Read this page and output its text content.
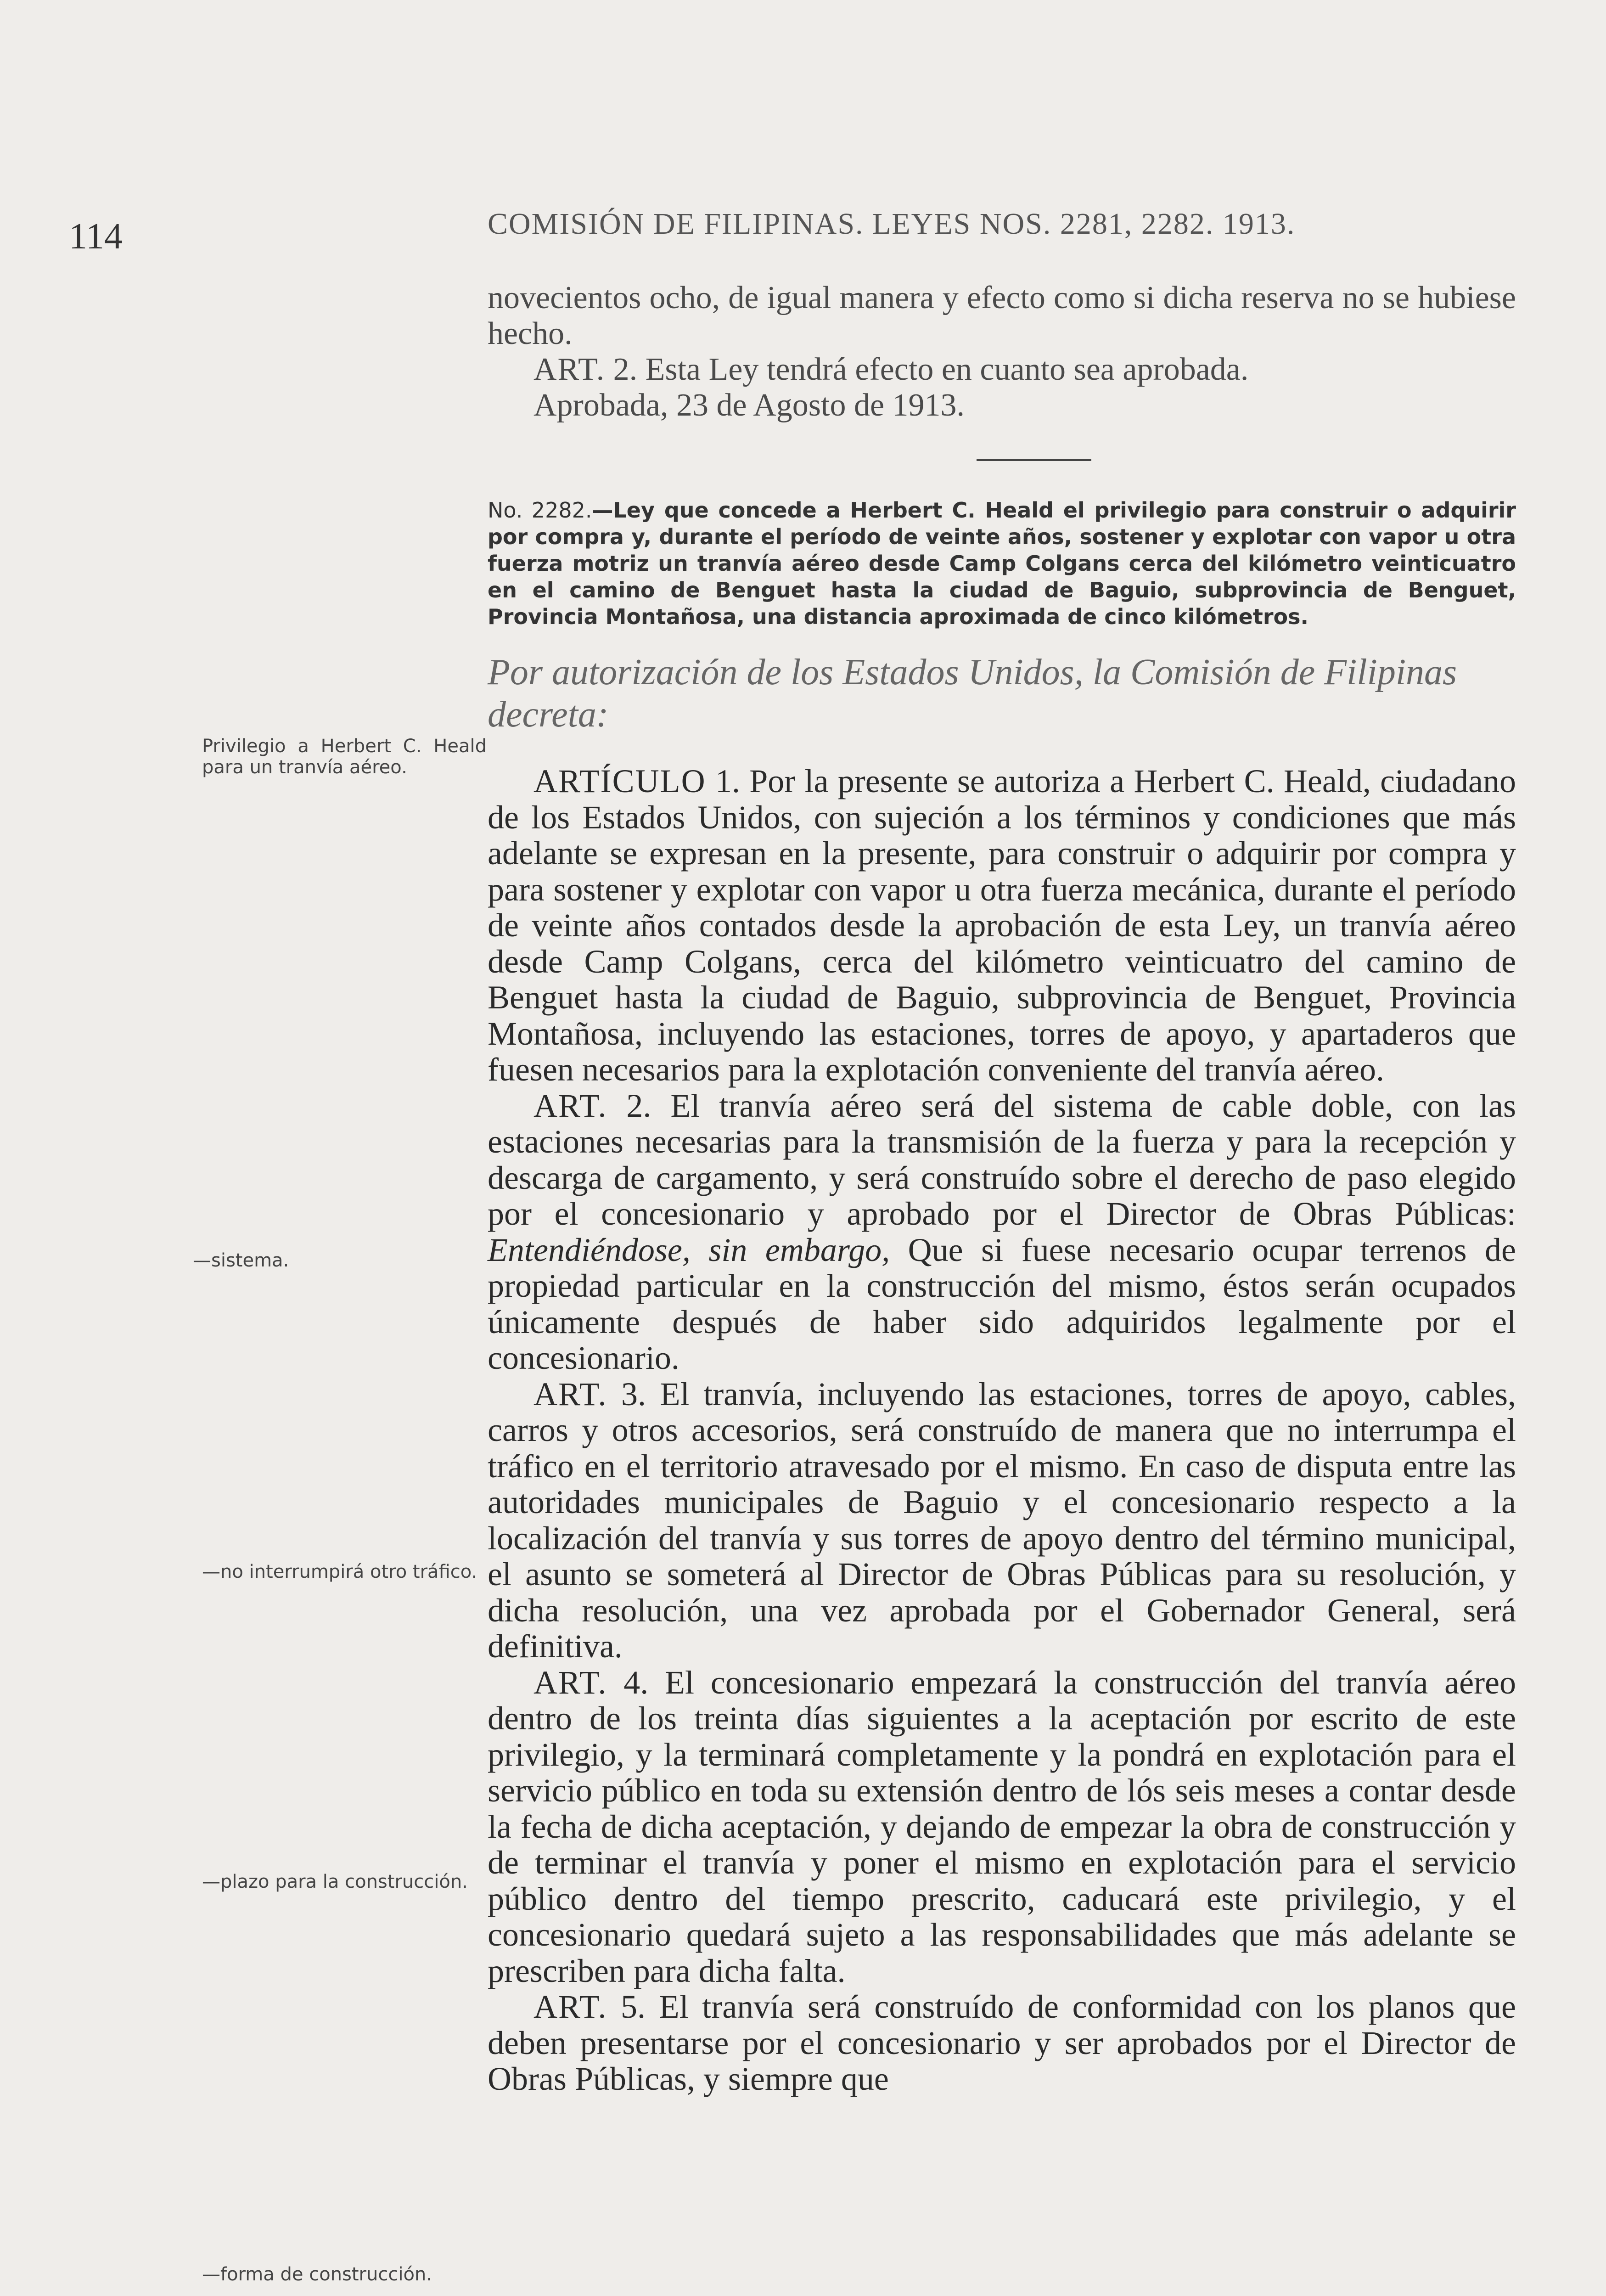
114	COMISIÓN DE FILIPINAS. LEYES NOS. 2281, 2282. 1913.
Privilegio a Herbert C. Heald para un tranvía aéreo.
—sistema.
—no interrumpirá otro tráfico.
—plazo para la construcción.
—forma de construcción.

novecientos ocho, de igual manera y efecto como si dicha reserva no se hubiese hecho.

ART. 2. Esta Ley tendrá efecto en cuanto sea aprobada.

Aprobada, 23 de Agosto de 1913.

No. 2282.—Ley que concede a Herbert C. Heald el privilegio para construir o adquirir por compra y, durante el período de veinte años, sostener y explotar con vapor u otra fuerza motriz un tranvía aéreo desde Camp Colgans cerca del kilómetro veinticuatro en el camino de Benguet hasta la ciudad de Baguio, subprovincia de Benguet, Provincia Montañosa, una distancia aproximada de cinco kilómetros.

Por autorización de los Estados Unidos, la Comisión de Filipinas decreta:

ARTÍCULO 1. Por la presente se autoriza a Herbert C. Heald, ciudadano de los Estados Unidos, con sujeción a los términos y condiciones que más adelante se expresan en la presente, para construir o adquirir por compra y para sostener y explotar con vapor u otra fuerza mecánica, durante el período de veinte años contados desde la aprobación de esta Ley, un tranvía aéreo desde Camp Colgans, cerca del kilómetro veinticuatro del camino de Benguet hasta la ciudad de Baguio, subprovincia de Benguet, Provincia Montañosa, incluyendo las estaciones, torres de apoyo, y apartaderos que fuesen necesarios para la explotación conveniente del tranvía aéreo.

ART. 2. El tranvía aéreo será del sistema de cable doble, con las estaciones necesarias para la transmisión de la fuerza y para la recepción y descarga de cargamento, y será construído sobre el derecho de paso elegido por el concesionario y aprobado por el Director de Obras Públicas: Entendiéndose, sin embargo, Que si fuese necesario ocupar terrenos de propiedad particular en la construcción del mismo, éstos serán ocupados únicamente después de haber sido adquiridos legalmente por el concesionario.

ART. 3. El tranvía, incluyendo las estaciones, torres de apoyo, cables, carros y otros accesorios, será construído de manera que no interrumpa el tráfico en el territorio atravesado por el mismo. En caso de disputa entre las autoridades municipales de Baguio y el concesionario respecto a la localización del tranvía y sus torres de apoyo dentro del término municipal, el asunto se someterá al Director de Obras Públicas para su resolución, y dicha resolución, una vez aprobada por el Gobernador General, será definitiva.

ART. 4. El concesionario empezará la construcción del tranvía aéreo dentro de los treinta días siguientes a la aceptación por escrito de este privilegio, y la terminará completamente y la pondrá en explotación para el servicio público en toda su extensión dentro de lós seis meses a contar desde la fecha de dicha aceptación, y dejando de empezar la obra de construcción y de terminar el tranvía y poner el mismo en explotación para el servicio público dentro del tiempo prescrito, caducará este privilegio, y el concesionario quedará sujeto a las responsabilidades que más adelante se prescriben para dicha falta.

ART. 5. El tranvía será construído de conformidad con los planos que deben presentarse por el concesionario y ser aprobados por el Director de Obras Públicas, y siempre que
